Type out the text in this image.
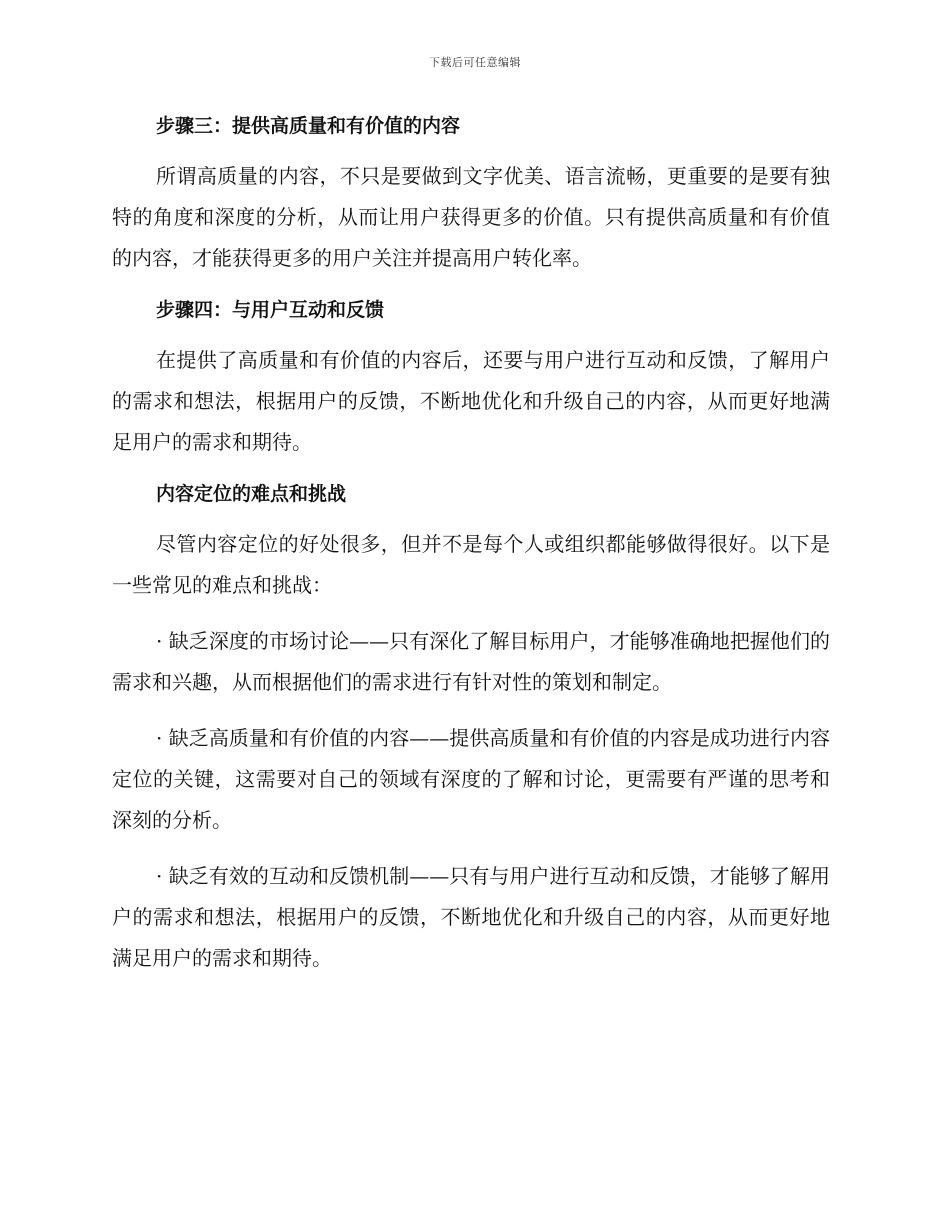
下载后可任意编辑
步骤三：提供高质量和有价值的内容

所谓高质量的内容，不只是要做到文字优美、语言流畅，更重要的是要有独特的角度和深度的分析，从而让用户获得更多的价值。只有提供高质量和有价值的内容，才能获得更多的用户关注并提高用户转化率。

步骤四：与用户互动和反馈

在提供了高质量和有价值的内容后，还要与用户进行互动和反馈，了解用户的需求和想法，根据用户的反馈，不断地优化和升级自己的内容，从而更好地满足用户的需求和期待。

内容定位的难点和挑战

尽管内容定位的好处很多，但并不是每个人或组织都能够做得很好。以下是一些常见的难点和挑战：

· 缺乏深度的市场讨论——只有深化了解目标用户，才能够准确地把握他们的需求和兴趣，从而根据他们的需求进行有针对性的策划和制定。

· 缺乏高质量和有价值的内容——提供高质量和有价值的内容是成功进行内容定位的关键，这需要对自己的领域有深度的了解和讨论，更需要有严谨的思考和深刻的分析。

· 缺乏有效的互动和反馈机制——只有与用户进行互动和反馈，才能够了解用户的需求和想法，根据用户的反馈，不断地优化和升级自己的内容，从而更好地满足用户的需求和期待。
